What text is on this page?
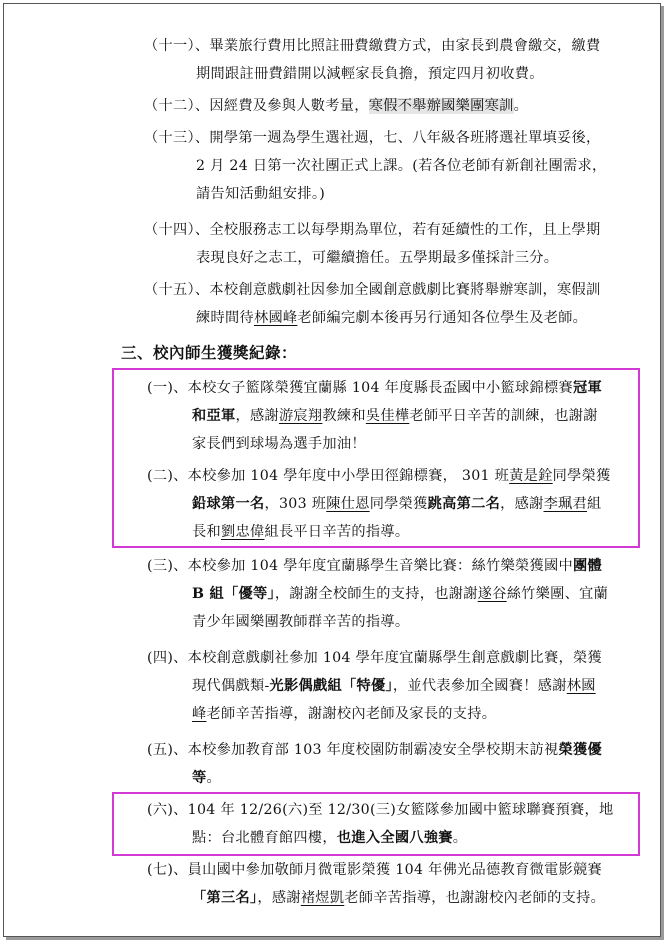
（十一）、畢業旅行費用比照註冊費繳費方式，由家長到農會繳交，繳費
期間跟註冊費錯開以減輕家長負擔，預定四月初收費。
（十二）、因經費及參與人數考量，寒假不舉辦國樂團寒訓。
（十三）、開學第一週為學生選社週，七、八年級各班將選社單填妥後，
2 月 24 日第一次社團正式上課。(若各位老師有新創社團需求，
請告知活動組安排。)
（十四）、全校服務志工以每學期為單位，若有延續性的工作，且上學期
表現良好之志工，可繼續擔任。五學期最多僅採計三分。
（十五）、本校創意戲劇社因參加全國創意戲劇比賽將舉辦寒訓，寒假訓
練時間待林國峰老師編完劇本後再另行通知各位學生及老師。
三、校內師生獲獎紀錄：
(一)、本校女子籃隊榮獲宜蘭縣 104 年度縣長盃國中小籃球錦標賽冠軍
和亞軍，感謝游宸翔教練和吳佳樺老師平日辛苦的訓練，也謝謝
家長們到球場為選手加油！
(二)、本校參加 104 學年度中小學田徑錦標賽， 301 班黃是銓同學榮獲
鉛球第一名，303 班陳仕恩同學榮獲跳高第二名，感謝李珮君組
長和劉忠偉組長平日辛苦的指導。
(三)、本校參加 104 學年度宜蘭縣學生音樂比賽：絲竹樂榮獲國中團體
B 組「優等」，謝謝全校師生的支持，也謝謝遂谷絲竹樂團、宜蘭
青少年國樂團教師群辛苦的指導。
(四)、本校創意戲劇社參加 104 學年度宜蘭縣學生創意戲劇比賽，榮獲
現代偶戲類-光影偶戲組「特優」，並代表參加全國賽！感謝林國
峰老師辛苦指導，謝謝校內老師及家長的支持。
(五)、本校參加教育部 103 年度校園防制霸凌安全學校期末訪視榮獲優
等。
(六)、104 年 12/26(六)至 12/30(三)女籃隊參加國中籃球聯賽預賽，地
點：台北體育館四樓，也進入全國八強賽。
(七)、員山國中參加敬師月微電影榮獲 104 年佛光品德教育微電影競賽
「第三名」，感謝褚煜凱老師辛苦指導，也謝謝校內老師的支持。
